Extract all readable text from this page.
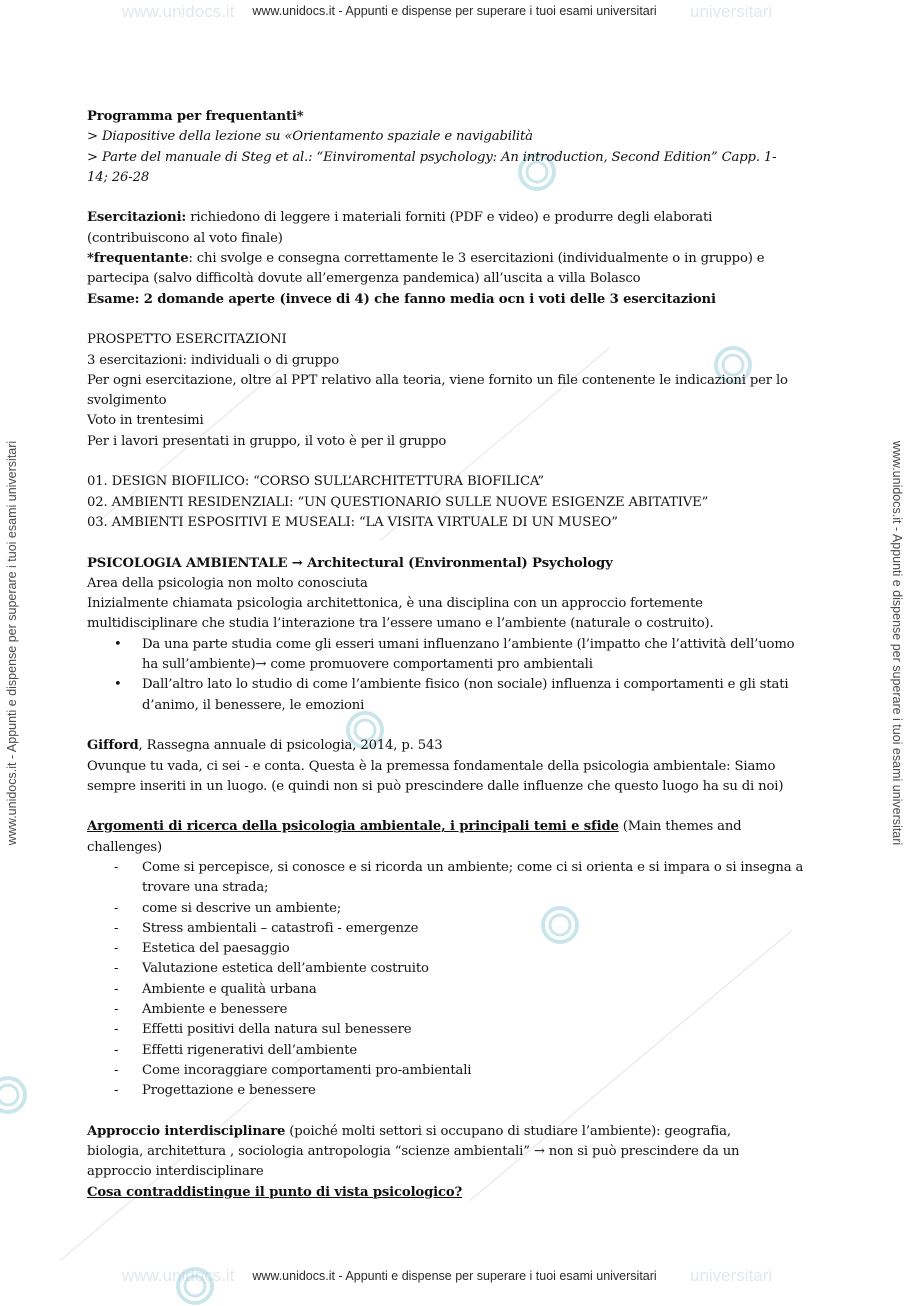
www.unidocs.it	universitari
www.unidocs.it	universitari
www.unidocs.it - Appunti e dispense per superare i tuoi esami universitari
www.unidocs.it - Appunti e dispense per superare i tuoi esami universitari
www.unidocs.it - Appunti e dispense per superare i tuoi esami universitari	www.unidocs.it - Appunti e dispense per superare i tuoi esami universitari

Programma per frequentanti*

> Diapositive della lezione su «Orientamento spaziale e navigabilità

> Parte del manuale di Steg et al.: “Einviromental psychology: An introduction, Second Edition” Capp. 1-

14; 26-28

Esercitazioni: richiedono di leggere i materiali forniti (PDF e video) e produrre degli elaborati

(contribuiscono al voto finale)

*frequentante: chi svolge e consegna correttamente le 3 esercitazioni (individualmente o in gruppo) e

partecipa (salvo difficoltà dovute all’emergenza pandemica) all’uscita a villa Bolasco

Esame: 2 domande aperte (invece di 4) che fanno media ocn i voti delle 3 esercitazioni

PROSPETTO ESERCITAZIONI

3 esercitazioni: individuali o di gruppo

Per ogni esercitazione, oltre al PPT relativo alla teoria, viene fornito un file contenente le indicazioni per lo

svolgimento

Voto in trentesimi

Per i lavori presentati in gruppo, il voto è per il gruppo

01. DESIGN BIOFILICO: “CORSO SULL’ARCHITETTURA BIOFILICA”

02. AMBIENTI RESIDENZIALI: “UN QUESTIONARIO SULLE NUOVE ESIGENZE ABITATIVE”

03. AMBIENTI ESPOSITIVI E MUSEALI: “LA VISITA VIRTUALE DI UN MUSEO”

PSICOLOGIA AMBIENTALE → Architectural (Environmental) Psychology

Area della psicologia non molto conosciuta

Inizialmente chiamata psicologia architettonica, è una disciplina con un approccio fortemente

multidisciplinare che studia l’interazione tra l’essere umano e l’ambiente (naturale o costruito).

• Da una parte studia come gli esseri umani influenzano l’ambiente (l’impatto che l’attività dell’uomo
ha sull’ambiente)→ come promuovere comportamenti pro ambientali
• Dall’altro lato lo studio di come l’ambiente fisico (non sociale) influenza i comportamenti e gli stati
d’animo, il benessere, le emozioni

Gifford, Rassegna annuale di psicologia, 2014, p. 543

Ovunque tu vada, ci sei - e conta. Questa è la premessa fondamentale della psicologia ambientale: Siamo

sempre inseriti in un luogo. (e quindi non si può prescindere dalle influenze che questo luogo ha su di noi)

Argomenti di ricerca della psicologia ambientale, i principali temi e sfide (Main themes and

challenges)

- Come si percepisce, si conosce e si ricorda un ambiente; come ci si orienta e si impara o si insegna a
trovare una strada;
- come si descrive un ambiente;
- Stress ambientali – catastrofi - emergenze
- Estetica del paesaggio
- Valutazione estetica dell’ambiente costruito
- Ambiente e qualità urbana
- Ambiente e benessere
- Effetti positivi della natura sul benessere
- Effetti rigenerativi dell’ambiente
- Come incoraggiare comportamenti pro-ambientali
- Progettazione e benessere

Approccio interdisciplinare (poiché molti settori si occupano di studiare l’ambiente): geografia,

biologia, architettura , sociologia antropologia “scienze ambientali” → non si può prescindere da un

approccio interdisciplinare

Cosa contraddistingue il punto di vista psicologico?
